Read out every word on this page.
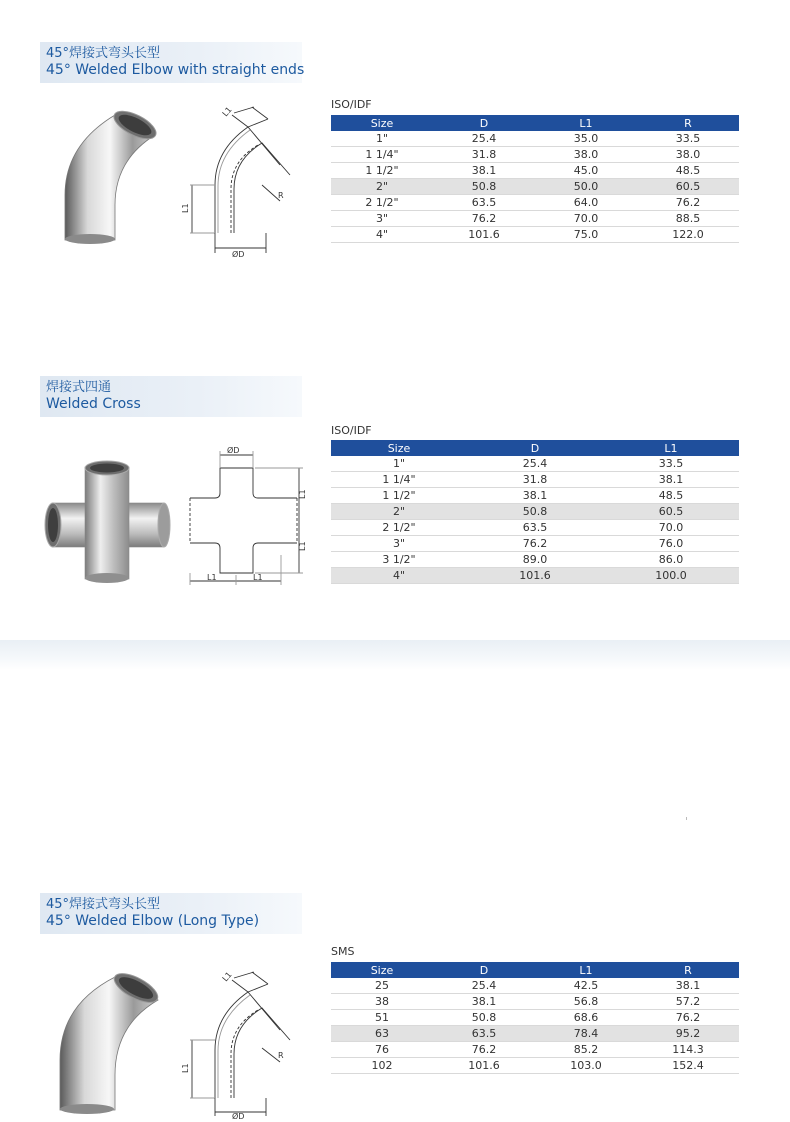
45°焊接式弯头长型
45° Welded Elbow with straight ends
L1
L1
R
ØD
ISO/IDF
Size	D	L1	R
1"	25.4	35.0	33.5
1 1/4"	31.8	38.0	38.0
1 1/2"	38.1	45.0	48.5
2"	50.8	50.0	60.5
2 1/2"	63.5	64.0	76.2
3"	76.2	70.0	88.5
4"	101.6	75.0	122.0
焊接式四通
Welded Cross
ØD
L1
L1
L1	L1
ISO/IDF
Size	D	L1
1"	25.4	33.5
1 1/4"	31.8	38.1
1 1/2"	38.1	48.5
2"	50.8	60.5
2 1/2"	63.5	70.0
3"	76.2	76.0
3 1/2"	89.0	86.0
4"	101.6	100.0
45°焊接式弯头长型
45° Welded Elbow (Long Type)
L1
L1
R
ØD
SMS
Size	D	L1	R
25	25.4	42.5	38.1
38	38.1	56.8	57.2
51	50.8	68.6	76.2
63	63.5	78.4	95.2
76	76.2	85.2	114.3
102	101.6	103.0	152.4
